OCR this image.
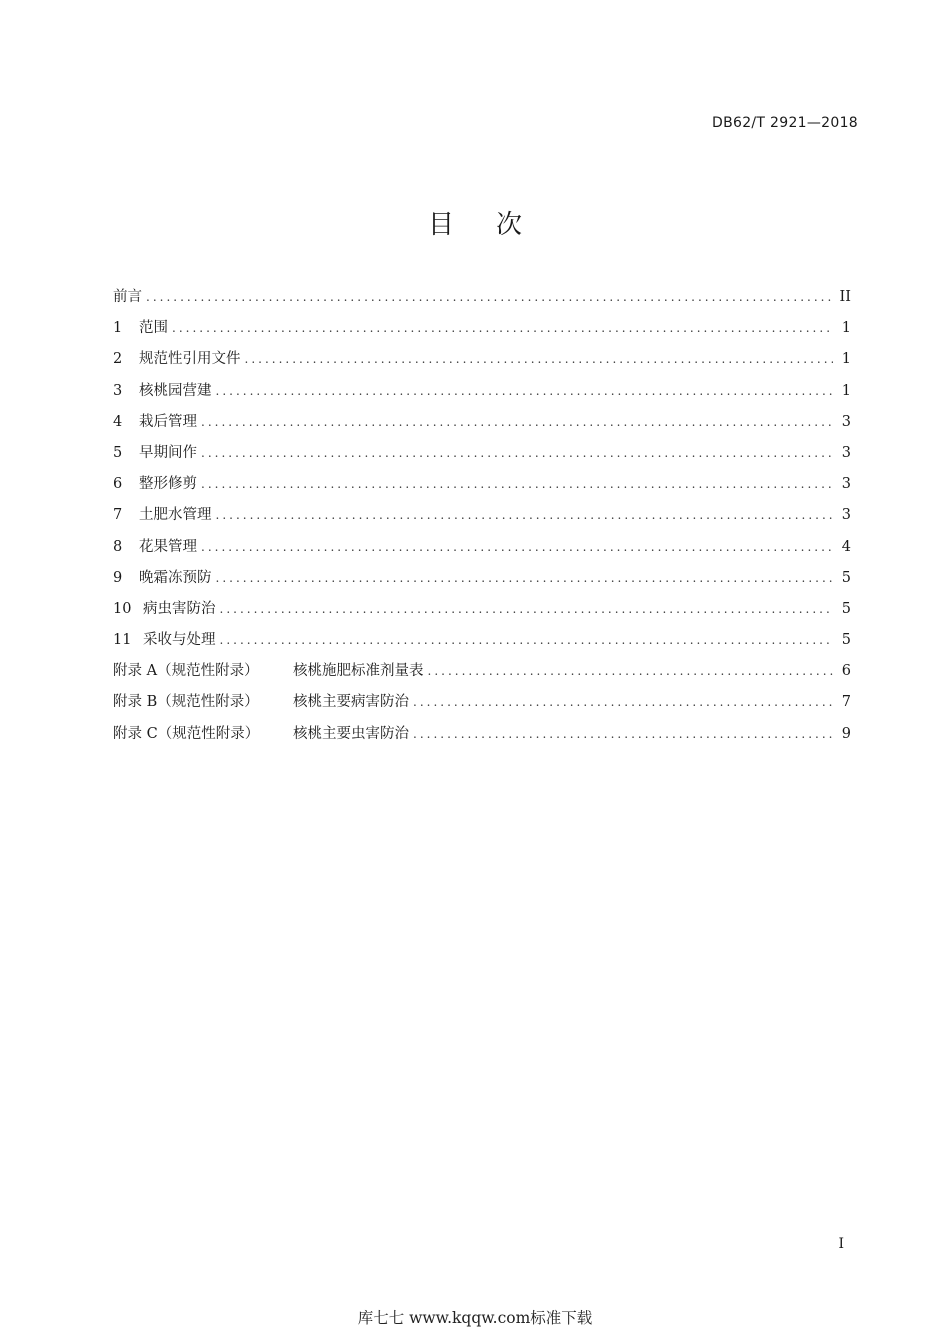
DB62/T 2921—2018
目次
前言 .....	II
1	范围 .....	1
2	规范性引用文件 .....	1
3	核桃园营建 .....	1
4	栽后管理 .....	3
5	早期间作 .....	3
6	整形修剪 .....	3
7	土肥水管理 .....	3
8	花果管理 .....	4
9	晚霜冻预防 .....	5
10 病虫害防治 .....	5
11 采收与处理 .....	5
附录 A（规范性附录）	核桃施肥标准剂量表 .....	6
附录 B（规范性附录）	核桃主要病害防治 .....	7
附录 C（规范性附录）	核桃主要虫害防治 .....	9
I
库七七 www.kqqw.com标准下载
